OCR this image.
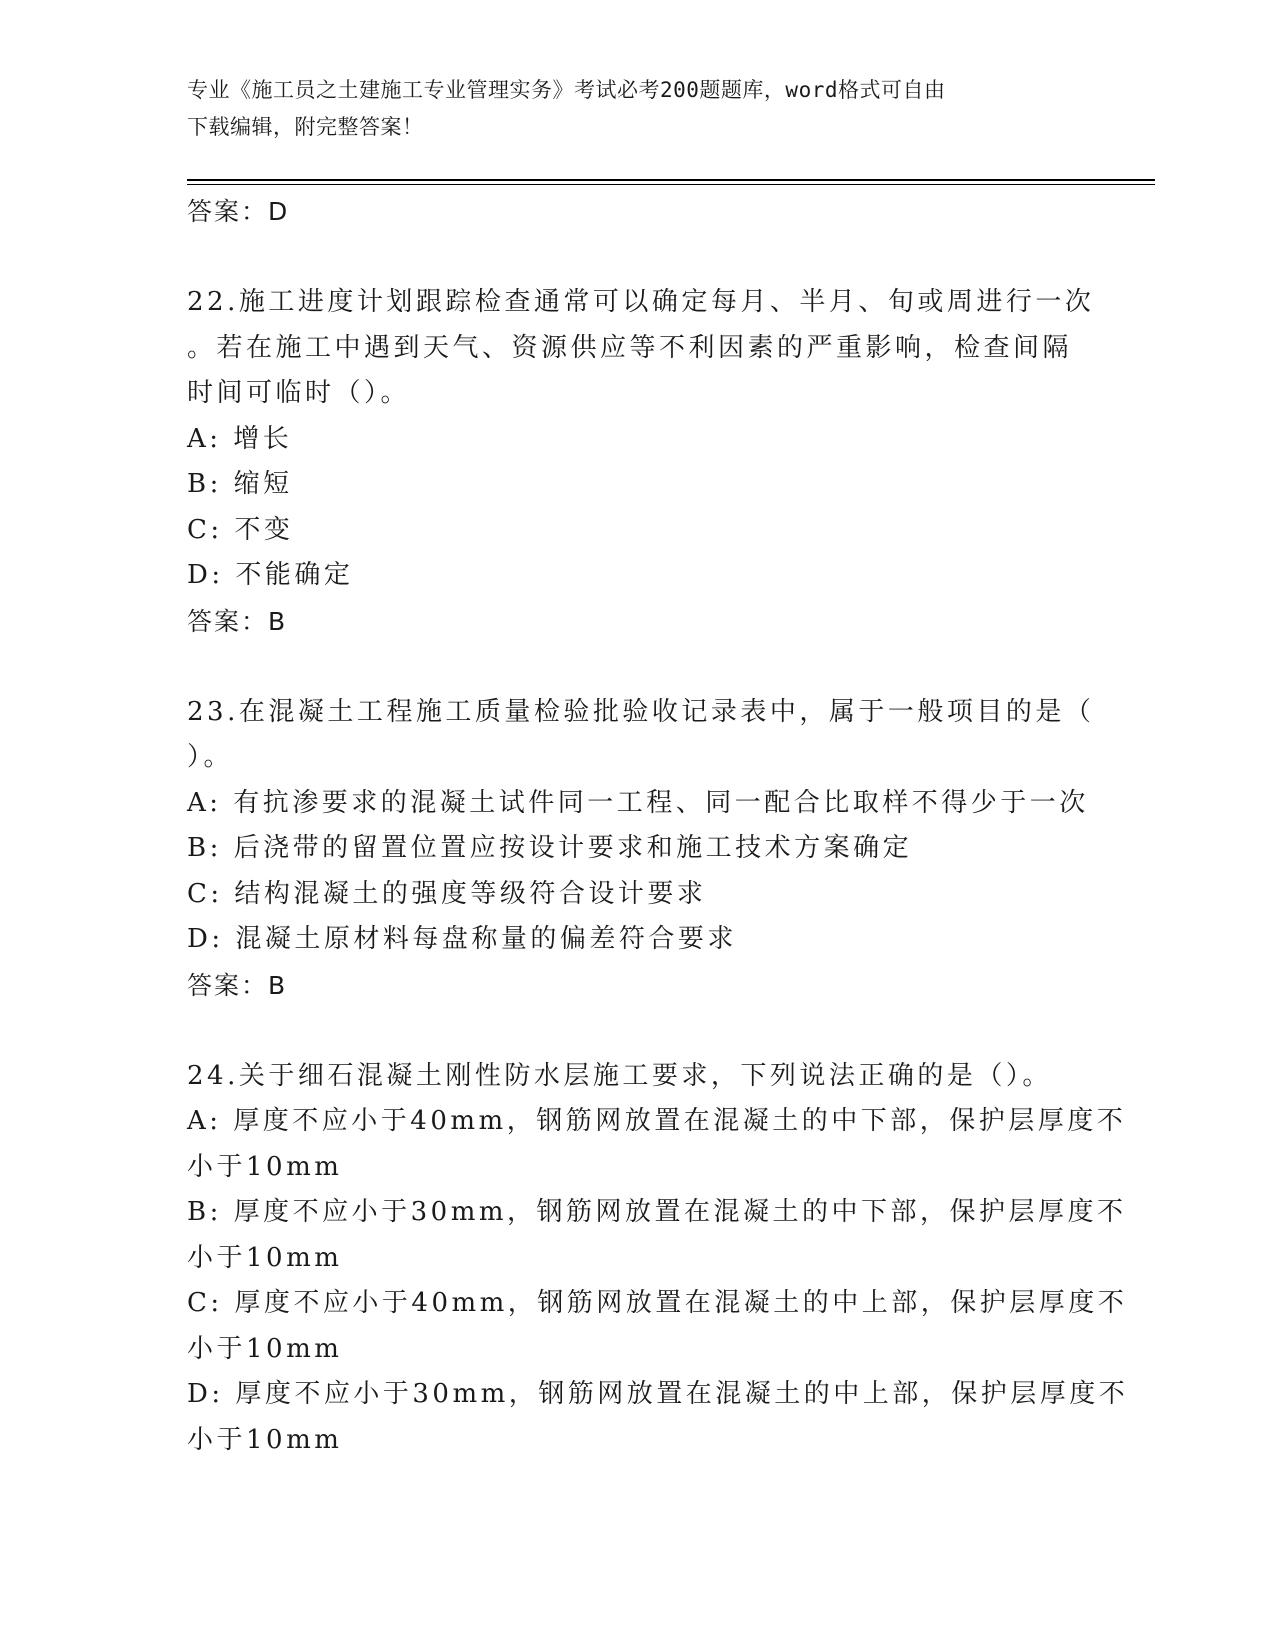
专业《施工员之土建施工专业管理实务》考试必考200题题库，word格式可自由
下载编辑，附完整答案！
答案：D
22.施工进度计划跟踪检查通常可以确定每月、半月、旬或周进行一次
。若在施工中遇到天气、资源供应等不利因素的严重影响，检查间隔
时间可临时（）。
A: 增长
B: 缩短
C: 不变
D: 不能确定
答案：B
23.在混凝土工程施工质量检验批验收记录表中，属于一般项目的是（
）。
A: 有抗渗要求的混凝土试件同一工程、同一配合比取样不得少于一次
B: 后浇带的留置位置应按设计要求和施工技术方案确定
C: 结构混凝土的强度等级符合设计要求
D: 混凝土原材料每盘称量的偏差符合要求
答案：B
24.关于细石混凝土刚性防水层施工要求，下列说法正确的是（）。
A: 厚度不应小于40mm，钢筋网放置在混凝土的中下部，保护层厚度不
小于10mm
B: 厚度不应小于30mm，钢筋网放置在混凝土的中下部，保护层厚度不
小于10mm
C: 厚度不应小于40mm，钢筋网放置在混凝土的中上部，保护层厚度不
小于10mm
D: 厚度不应小于30mm，钢筋网放置在混凝土的中上部，保护层厚度不
小于10mm
